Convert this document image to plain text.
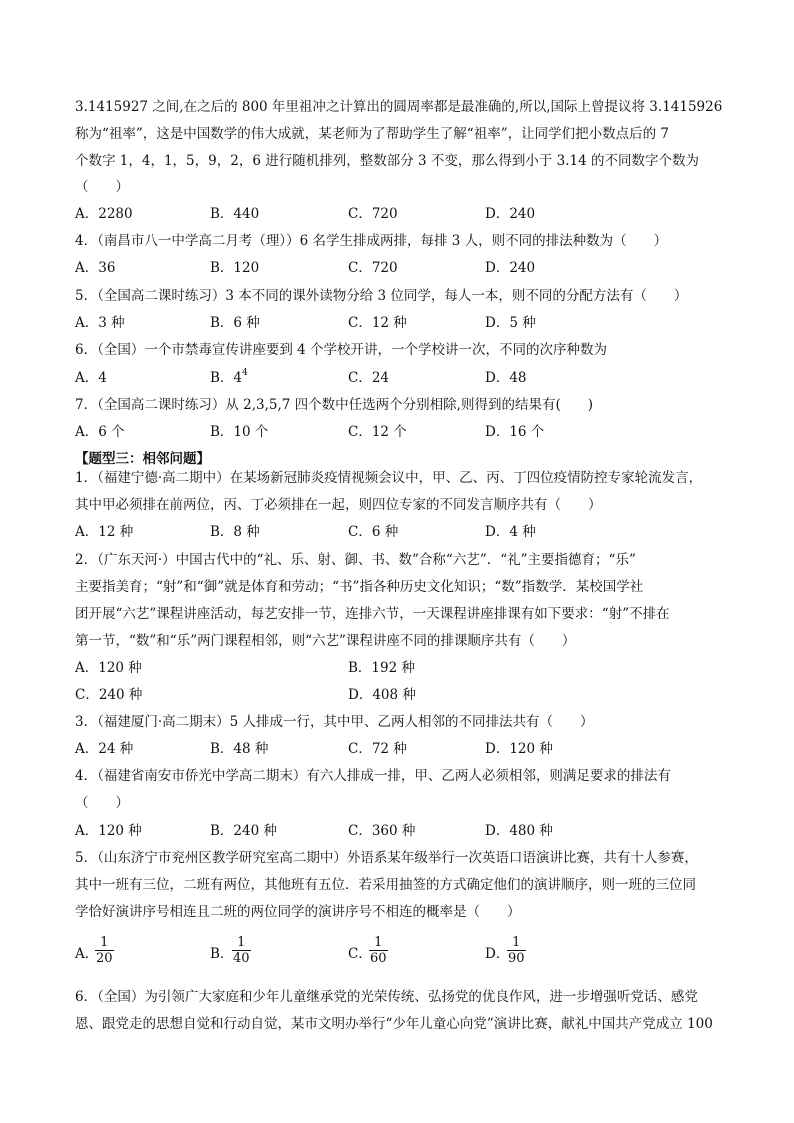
3.1415927 之间,在之后的 800 年里祖冲之计算出的圆周率都是最准确的,所以,国际上曾提议将 3.1415926
称为“祖率”，这是中国数学的伟大成就，某老师为了帮助学生了解“祖率”，让同学们把小数点后的 7
个数字 1，4，1，5，9，2，6 进行随机排列，整数部分 3 不变，那么得到小于 3.14 的不同数字个数为
（　　）
A．2280	B．440	C．720	D．240
4．（南昌市八一中学高二月考（理））6 名学生排成两排，每排 3 人，则不同的排法种数为（　　）
A．36	B．120	C．720	D．240
5．（全国高二课时练习）3 本不同的课外读物分给 3 位同学，每人一本，则不同的分配方法有（　　）
A．3 种	B．6 种	C．12 种	D．5 种
6．（全国）一个市禁毒宣传讲座要到 4 个学校开讲，一个学校讲一次，不同的次序种数为
A．4	B．$4^4$	C．24	D．48
7．（全国高二课时练习）从 2,3,5,7 四个数中任选两个分别相除,则得到的结果有(　　)
A．6 个	B．10 个	C．12 个	D．16 个
【题型三：相邻问题】
1．（福建宁德·高二期中）在某场新冠肺炎疫情视频会议中，甲、乙、丙、丁四位疫情防控专家轮流发言，
其中甲必须排在前两位，丙、丁必须排在一起，则四位专家的不同发言顺序共有（　　）
A．12 种	B．8 种	C．6 种	D．4 种
2．（广东天河·）中国古代中的“礼、乐、射、御、书、数”合称“六艺”．“礼”主要指德育；“乐”
主要指美育；“射”和“御”就是体育和劳动；“书”指各种历史文化知识；“数”指数学．某校国学社
团开展“六艺”课程讲座活动，每艺安排一节，连排六节，一天课程讲座排课有如下要求：“射”不排在
第一节，“数”和“乐”两门课程相邻，则“六艺”课程讲座不同的排课顺序共有（　　）
A．120 种	B．192 种
C．240 种	D．408 种
3．（福建厦门·高二期末）5 人排成一行，其中甲、乙两人相邻的不同排法共有（　　）
A．24 种	B．48 种	C．72 种	D．120 种
4．（福建省南安市侨光中学高二期末）有六人排成一排，甲、乙两人必须相邻，则满足要求的排法有
（　　）
A．120 种	B．240 种	C．360 种	D．480 种
5．（山东济宁市兖州区教学研究室高二期中）外语系某年级举行一次英语口语演讲比赛，共有十人参赛，
其中一班有三位，二班有两位，其他班有五位．若采用抽签的方式确定他们的演讲顺序，则一班的三位同
学恰好演讲序号相连且二班的两位同学的演讲序号不相连的概率是（　　）
A．
$\frac{1}{20}$	B．
$\frac{1}{40}$	C．
$\frac{1}{60}$	D．
$\frac{1}{90}$
6．（全国）为引领广大家庭和少年儿童继承党的光荣传统、弘扬党的优良作风，进一步增强听党话、感党
恩、跟党走的思想自觉和行动自觉，某市文明办举行“少年儿童心向党”演讲比赛，献礼中国共产党成立 100
